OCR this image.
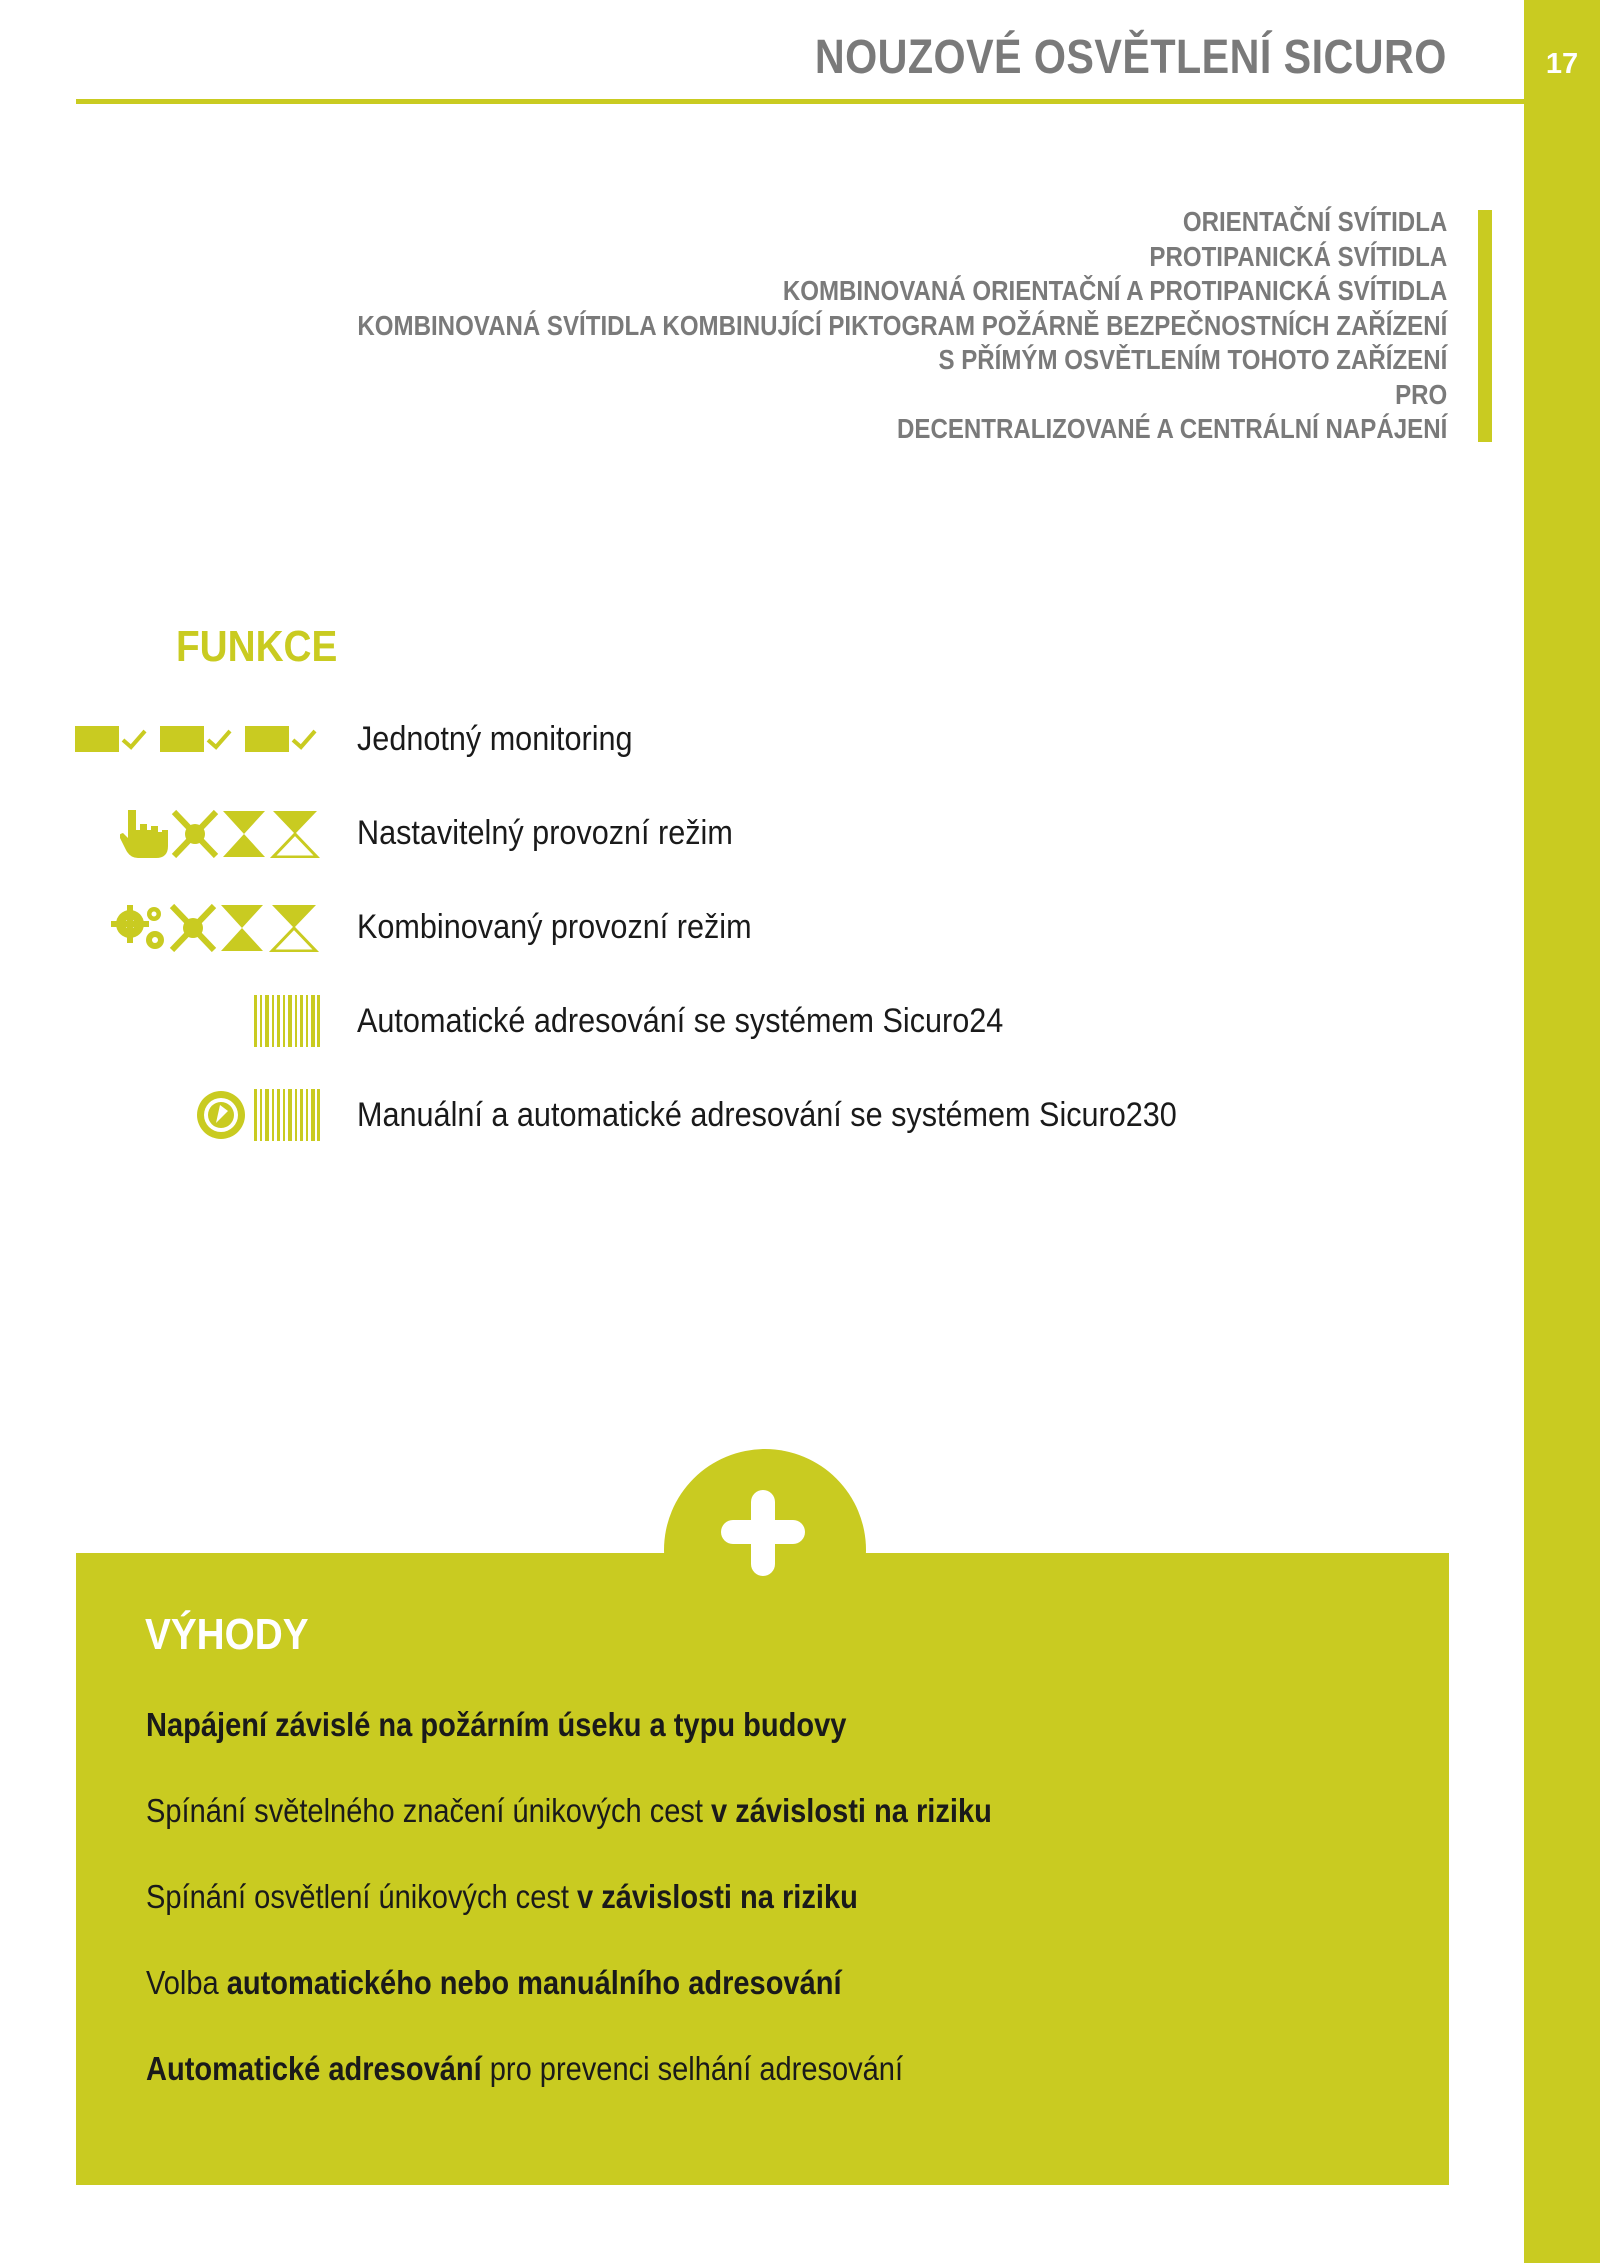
17
NOUZOVÉ OSVĚTLENÍ SICURO
ORIENTAČNÍ SVÍTIDLA
PROTIPANICKÁ SVÍTIDLA
KOMBINOVANÁ ORIENTAČNÍ A PROTIPANICKÁ SVÍTIDLA
KOMBINOVANÁ SVÍTIDLA KOMBINUJÍCÍ PIKTOGRAM POŽÁRNĚ BEZPEČNOSTNÍCH ZAŘÍZENÍ
S PŘÍMÝM OSVĚTLENÍM TOHOTO ZAŘÍZENÍ
PRO
DECENTRALIZOVANÉ A CENTRÁLNÍ NAPÁJENÍ
FUNKCE
Jednotný monitoring
Nastavitelný provozní režim
Kombinovaný provozní režim
Automatické adresování se systémem Sicuro24
Manuální a automatické adresování se systémem Sicuro230
VÝHODY
Napájení závislé na požárním úseku a typu budovy
Spínání světelného značení únikových cest v závislosti na riziku
Spínání osvětlení únikových cest v závislosti na riziku
Volba automatického nebo manuálního adresování
Automatické adresování pro prevenci selhání adresování
